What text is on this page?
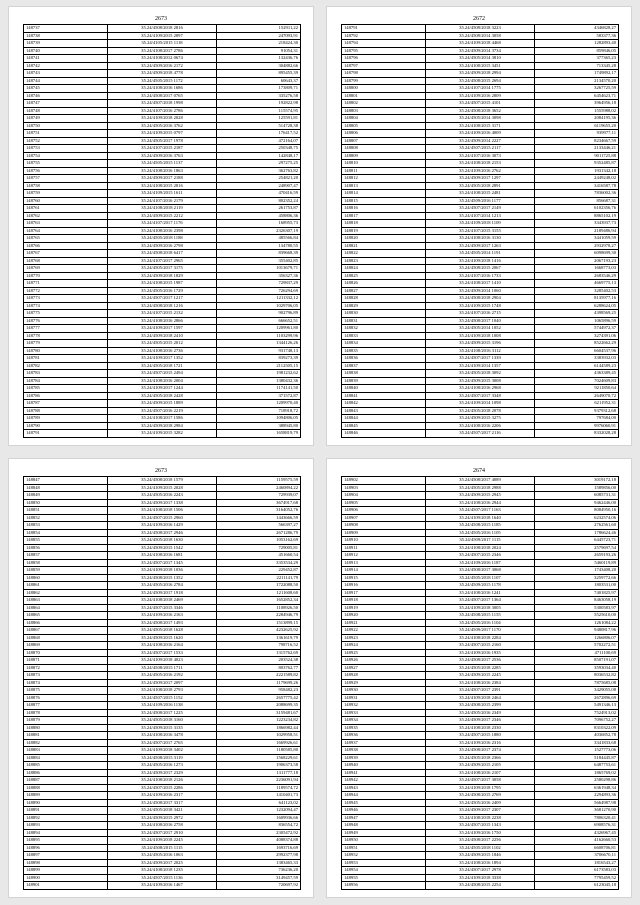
2673
148737	35.24/4508/2018 2816	152911,22
148738	35.24/4109/2015 2897	247093,91
148739	35.24/4105/2015 1118	218424,30
148740	35.24/4108/2017 2786	91054,31
148741	35.24/4108/2012 0674	132436,76
148742	35.24/4509/2016 2172	304882,66
148743	35.24/4509/2018 4778	895455,39
148744	35.24/4505/2015 1172	60643,37
148745	35.24/4108/2016 1686	173809,71
148746	35.24/4508/2017 0765	335276,58
148747	35.24/4507/2018 1998	192822,98
148748	35.24/4107/2016 2786	115574,95
148749	35.24/4109/2018 2028	125591,81
148750	35.24/4505/2016 3762	514728,38
148751	35.24/4109/2015 0797	176417,52
148752	35.24/4505/2017 1978	472164,07
148753	35.24/4107/2015 2187	250348,75
148754	35.24/4509/2016 3763	142848,17
148755	35.24/4505/2015 1137	297275,25
148756	35.24/4108/2016 1863	362763,82
148757	35.24/4509/2017 2188	254821,20
148758	35.24/4108/2015 2816	248907,47
148759	35.24/4109/2015 1611	470416,59
148760	35.24/4107/2016 2179	802352,24
148761	35.24/4108/2018 2119	261753,87
148762	35.24/4509/2015 2212	458806,36
148763	35.24/4107/2017 1176	168955,73
148764	35.24/4108/2016 2398	2326307,19
148765	35.24/4505/2018 1188	485566,84
148766	35.24/4509/2016 2798	134780,55
148767	35.24/4508/2018 6417	839668,39
148768	35.24/4107/2017 2965	355402,85
148769	35.24/4505/2017 3175	1013679,71
148770	35.24/4509/2018 1829	356327,36
148771	35.24/4108/2015 1987	729837,29
148772	35.24/4505/2016 1729	726294,69
148773	35.24/4507/2017 1217	1211332,12
148774	35.24/4508/2018 1216	1029706,05
148775	35.24/4107/2015 2132	902796,89
148776	35.24/4108/2016 2866	666652,51
148777	35.24/4109/2017 1597	1209961,80
148778	35.24/4509/2018 2410	1103299,96
148779	35.24/4505/2015 2012	1344126,26
148780	35.24/4108/2016 2736	931748,13
148781	35.24/4109/2017 1352	839273,39
148782	35.24/4505/2018 1721	2112505,15
148783	35.24/4507/2015 2494	1981232,62
148784	35.24/4108/2016 2004	1380432,36
148785	35.24/4109/2017 1244	1174141,50
148786	35.24/4505/2018 2428	371572,87
148787	35.24/4509/2015 1889	1209970,40
148788	35.24/4507/2016 2219	718918,72
148789	35.24/4108/2017 1586	1094806,05
148790	35.24/4509/2018 2984	388945,80
148791	35.24/4109/2015 3282	1658819,79
2672
148791	35.24/4508/2018 3223	4346828,27
148792	35.24/4508/2014 3058	583377,36
148794	35.24/4109/2018 4468	1282893,40
148795	35.24/4509/2014 3734	859846,05
148796	35.24/4505/2014 3810	377365,23
148797	35.24/4108/2015 3451	713345,28
148798	35.24/4509/2018 2994	1749892,17
148799	35.24/4508/2015 2694	2134570,20
148800	35.24/4107/2014 1775	3267725,59
148801	35.24/4109/2016 2809	6454623,71
148802	35.24/4507/2015 4101	3964956,18
148803	35.24/4508/2018 3652	1555988,02
148804	35.24/4505/2014 3098	2084195,36
148805	35.24/4108/2015 3171	6119655,20
148806	35.24/4109/2016 4009	939977,11
148807	35.24/4509/2014 2227	8234667,59
148808	35.24/4507/2015 2117	2133446,21
148809	35.24/4107/2016 3073	9011725,88
148810	35.24/4108/2018 2153	9352485,87
148811	35.24/4109/2016 2762	1931342,18
148812	35.24/4509/2017 1297	2449248,02
148813	35.24/4505/2018 2891	3416587,78
148814	35.24/4108/2015 2481	7836002,36
148815	35.24/4509/2016 1177	856687,31
148816	35.24/4507/2017 2149	6102356,76
148817	35.24/4107/2014 1213	8865102,19
148818	35.24/4109/2018 1109	3343937,73
148819	35.24/4107/2015 3155	2189486,94
148820	35.24/4108/2016 3130	3441059,59
148821	35.24/4509/2017 1263	2932978,27
148822	35.24/4505/2014 1191	6098699,30
148823	35.24/4109/2018 1416	2067193,23
148824	35.24/4508/2015 2067	1668773,03
148825	35.24/4107/2016 1733	2683546,29
148826	35.24/4108/2017 1410	4669775,13
148827	35.24/4509/2014 1060	3285402,53
148828	35.24/4508/2018 2904	8135977,16
148829	35.24/4109/2015 1748	6288624,05
148830	35.24/4107/2016 2715	4398569,25
148831	35.24/4508/2017 1040	1065896,59
148832	35.24/4505/2014 1052	5744972,37
148833	35.24/4109/2018 1008	3274391,06
148834	35.24/4509/2015 3196	8522662,29
148835	35.24/4108/2016 3112	6604537,96
148836	35.24/4507/2017 1339	3383932,03
148837	35.24/4109/2014 1357	6144589,23
148838	35.24/4505/2018 3092	4363389,45
148839	35.24/4509/2015 3008	7024609,83
148840	35.24/4108/2016 2968	9211850,64
148841	35.24/4507/2017 3348	2649070,72
148842	35.24/4109/2014 1098	6211952,31
148843	35.24/4505/2018 2078	9379312,68
148844	35.24/4509/2015 3275	797684,00
148845	35.24/4108/2016 2206	9976060,91
148846	35.24/4507/2017 2116	8332028,28
2673
148847	35.24/4508/2018 1579	1159575,59
148848	35.24/4109/2015 2028	2460894,22
148849	35.24/4505/2016 2243	729939,07
148850	35.24/4509/2017 1338	3674917,68
148851	35.24/4108/2018 1506	3164052,76
148852	35.24/4507/2015 2960	1443666,59
148853	35.24/4109/2016 1429	566397,27
148854	35.24/4508/2017 2946	2671286,79
148855	35.24/4505/2018 1630	1053162,69
148856	35.24/4509/2015 1542	729005,81
148857	35.24/4108/2016 1681	451660,54
148858	35.24/4507/2017 1345	3353534,29
148859	35.24/4109/2018 1036	229452,87
148860	35.24/4508/2015 1352	2211141,79
148861	35.24/4505/2016 2784	1722088,50
148862	35.24/4509/2017 1918	1211608,60
148863	35.24/4108/2018 2469	1652852,34
148864	35.24/4507/2015 3346	1108926,50
148865	35.24/4109/2016 2163	2284946,79
148866	35.24/4508/2017 1493	1513899,15
148867	35.24/4505/2018 1628	4232625,92
148868	35.24/4509/2015 1620	1361619,79
148869	35.24/4108/2016 2164	798716,52
148870	35.24/4507/2017 1533	1315762,69
148871	35.24/4109/2018 4023	203524,38
148872	35.24/4508/2015 1711	803762,77
148873	35.24/4505/2016 2192	2221589,82
148874	35.24/4509/2017 2097	1179699,26
148875	35.24/4108/2018 2793	958482,23
148876	35.24/4507/2015 1152	2657775,42
148877	35.24/4109/2016 1138	2088699,35
148878	35.24/4508/2017 1225	3159481,67
148879	35.24/4505/2018 3160	1223234,82
148880	35.24/4509/2015 3135	1866982,44
148881	35.24/4108/2016 3478	1029958,51
148882	35.24/4507/2017 2765	1669926,61
148883	35.24/4109/2018 3402	1180585,80
148884	35.24/4508/2015 3119	1568229,61
148885	35.24/4505/2016 1273	1906373,58
148886	35.24/4509/2017 2329	1311777,18
148887	35.24/4108/2018 2126	2236091,94
148888	35.24/4507/2015 2286	1189574,72
148889	35.24/4109/2016 2317	1410401,73
148890	35.24/4508/2017 3317	641123,02
148891	35.24/4505/2018 3421	1232094,47
148892	35.24/4509/2015 2972	1609936,66
148893	35.24/4108/2016 2758	836554,72
148894	35.24/4507/2017 2910	2305472,92
148895	35.24/4109/2018 2245	4088374,88
148896	35.24/4508/2015 1115	1693716,69
148897	35.24/4505/2016 1063	2992377,98
148898	35.24/4509/2017 2025	1383465,33
148899	35.24/4108/2018 1235	736236,20
148900	35.24/4507/2015 1136	3149457,59
148901	35.24/4109/2016 1467	720697,92
2674
148902	35.24/4508/2017 4089	3019172,18
148903	35.24/4505/2018 2988	1589856,00
148904	35.24/4509/2015 2945	6085731,31
148905	35.24/4108/2016 2944	9462446,00
148906	35.24/4507/2017 1163	8084950,16
148907	35.24/4109/2018 1640	6232574,06
148908	35.24/4508/2015 1185	2762561,60
148909	35.24/4505/2016 1105	1786624,46
148910	35.24/4509/2017 1115	6445723,71
148911	35.24/4108/2018 2024	2579697,54
148912	35.24/4507/2015 2346	2659193,26
148913	35.24/4109/2016 1187	5460119,89
148914	35.24/4508/2017 3068	1743408,20
148915	35.24/4505/2018 1107	3259772,66
148916	35.24/4509/2015 1178	1803531,00
148917	35.24/4108/2016 1241	7401825,97
148918	35.24/4507/2017 1364	8463058,19
148919	35.24/4109/2018 3005	5300583,97
148920	35.24/4508/2015 1155	5525610,00
148921	35.24/4505/2016 1104	1261084,22
148922	35.24/4509/2017 1170	9480817,96
148923	35.24/4108/2018 2284	1266806,07
148924	35.24/4507/2015 2160	5702272,51
148925	35.24/4109/2016 1935	4711100,69
148926	35.24/4508/2017 2536	8507191,07
148927	35.24/4505/2018 2285	3593034,40
148928	35.24/4509/2015 2245	8036532,82
148929	35.24/4108/2016 2384	7875685,08
148930	35.24/4507/2017 2391	3429055,08
148931	35.24/4109/2018 2464	2672896,69
148932	35.24/4508/2015 2399	5491346,13
148933	35.24/4505/2016 2349	7524913,02
148934	35.24/4509/2017 2346	7096752,27
148935	35.24/4108/2018 2330	8310322,09
148936	35.24/4507/2015 1880	4036852,78
148937	35.24/4109/2016 2316	3341833,68
148938	35.24/4508/2017 2374	1527773,06
148939	35.24/4505/2018 2366	5184445,87
148940	35.24/4509/2015 2105	6487753,61
148941	35.24/4108/2016 2107	1865769,02
148942	35.24/4507/2017 3058	2580298,86
148943	35.24/4109/2018 1795	6361948,34
148944	35.24/4508/2015 2769	2294893,36
148945	35.24/4505/2016 2409	5664987,98
148946	35.24/4509/2017 2307	3681270,90
148947	35.24/4108/2018 2238	7806320,41
148948	35.24/4507/2015 1343	6908576,31
148949	35.24/4109/2016 1750	4326967,45
148950	35.24/4508/2017 2256	4162660,53
148951	35.24/4505/2018 1102	6608706,81
148952	35.24/4509/2015 1846	3706670,11
148953	35.24/4108/2016 1894	1816543,27
148954	35.24/4507/2017 2978	6173583,03
148955	35.24/4109/2018 3338	7795459,52
148956	35.24/4508/2015 2254	6123045,18
